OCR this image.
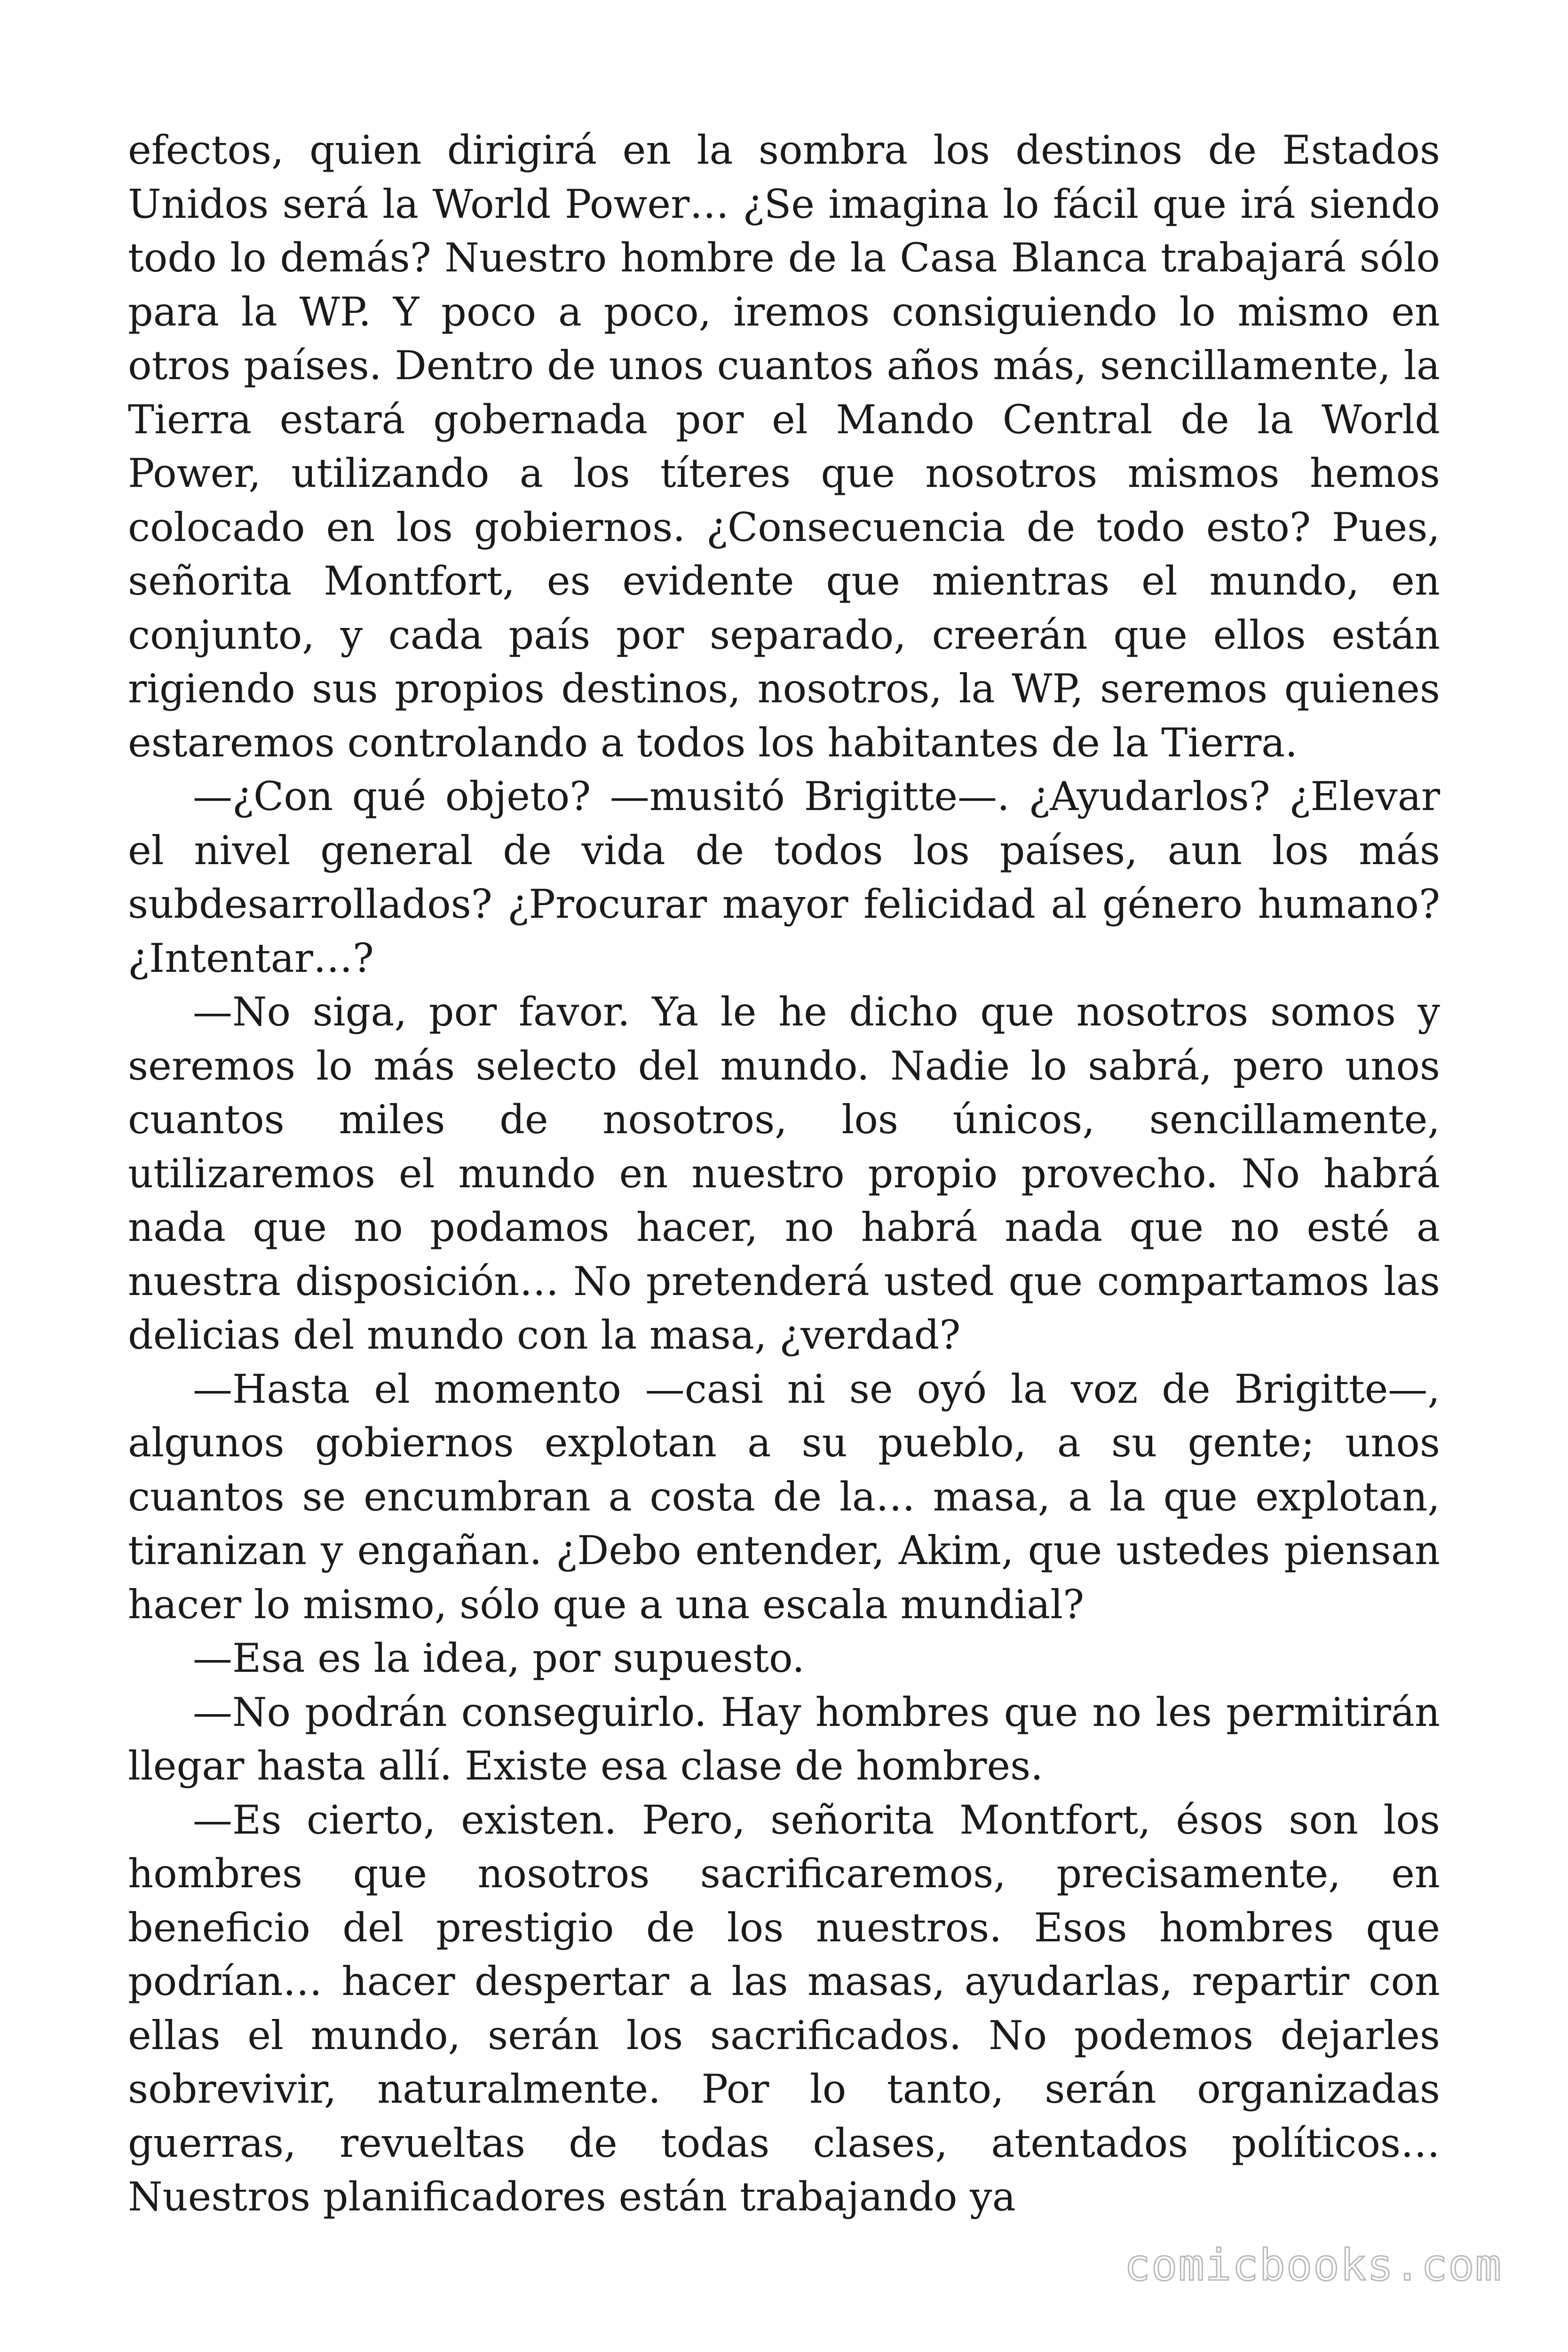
efectos, quien dirigirá en la sombra los destinos de Estados Unidos será la World Power… ¿Se imagina lo fácil que irá siendo todo lo demás? Nuestro hombre de la Casa Blanca trabajará sólo para la WP. Y poco a poco, iremos consiguiendo lo mismo en otros países. Dentro de unos cuantos años más, sencillamente, la Tierra estará gobernada por el Mando Central de la World Power, utilizando a los títeres que nosotros mismos hemos colocado en los gobiernos. ¿Consecuencia de todo esto? Pues, señorita Montfort, es evidente que mientras el mundo, en conjunto, y cada país por separado, creerán que ellos están rigiendo sus propios destinos, nosotros, la WP, seremos quienes estaremos controlando a todos los habitantes de la Tierra.

—¿Con qué objeto? —musitó Brigitte—. ¿Ayudarlos? ¿Elevar el nivel general de vida de todos los países, aun los más subdesarrollados? ¿Procurar mayor felicidad al género humano? ¿Intentar…?

—No siga, por favor. Ya le he dicho que nosotros somos y seremos lo más selecto del mundo. Nadie lo sabrá, pero unos cuantos miles de nosotros, los únicos, sencillamente, utilizaremos el mundo en nuestro propio provecho. No habrá nada que no podamos hacer, no habrá nada que no esté a nuestra disposición… No pretenderá usted que compartamos las delicias del mundo con la masa, ¿verdad?

—Hasta el momento —casi ni se oyó la voz de Brigitte—, algunos gobiernos explotan a su pueblo, a su gente; unos cuantos se encumbran a costa de la… masa, a la que explotan, tiranizan y engañan. ¿Debo entender, Akim, que ustedes piensan hacer lo mismo, sólo que a una escala mundial?

—Esa es la idea, por supuesto.

—No podrán conseguirlo. Hay hombres que no les permitirán llegar hasta allí. Existe esa clase de hombres.

—Es cierto, existen. Pero, señorita Montfort, ésos son los hombres que nosotros sacrificaremos, precisamente, en beneficio del prestigio de los nuestros. Esos hombres que podrían… hacer despertar a las masas, ayudarlas, repartir con ellas el mundo, serán los sacrificados. No podemos dejarles sobrevivir, naturalmente. Por lo tanto, serán organizadas guerras, revueltas de todas clases, atentados políticos… Nuestros planificadores están trabajando ya

comicbooks.com
